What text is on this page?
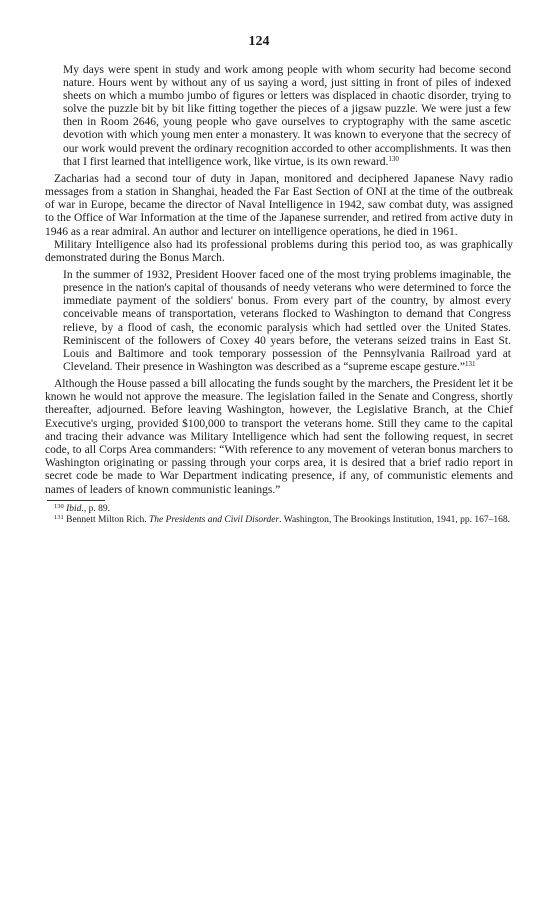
124

My days were spent in study and work among people with whom security had become second nature. Hours went by without any of us saying a word, just sitting in front of piles of indexed sheets on which a mumbo jumbo of figures or letters was displaced in chaotic disorder, trying to solve the puzzle bit by bit like fitting together the pieces of a jigsaw puzzle. We were just a few then in Room 2646, young people who gave ourselves to cryptography with the same ascetic devotion with which young men enter a monastery. It was known to everyone that the secrecy of our work would prevent the ordinary recognition accorded to other accomplishments. It was then that I first learned that intelligence work, like virtue, is its own reward.$^{130}$

Zacharias had a second tour of duty in Japan, monitored and deciphered Japanese Navy radio messages from a station in Shanghai, headed the Far East Section of ONI at the time of the outbreak of war in Europe, became the director of Naval Intelligence in 1942, saw combat duty, was assigned to the Office of War Information at the time of the Japanese surrender, and retired from active duty in 1946 as a rear admiral. An author and lecturer on intelligence operations, he died in 1961.

Military Intelligence also had its professional problems during this period too, as was graphically demonstrated during the Bonus March.

In the summer of 1932, President Hoover faced one of the most trying problems imaginable, the presence in the nation's capital of thousands of needy veterans who were determined to force the immediate payment of the soldiers' bonus. From every part of the country, by almost every conceivable means of transportation, veterans flocked to Washington to demand that Congress relieve, by a flood of cash, the economic paralysis which had settled over the United States. Reminiscent of the followers of Coxey 40 years before, the veterans seized trains in East St. Louis and Baltimore and took temporary possession of the Pennsylvania Railroad yard at Cleveland. Their presence in Washington was described as a “supreme escape gesture.”$^{131}$

Although the House passed a bill allocating the funds sought by the marchers, the President let it be known he would not approve the measure. The legislation failed in the Senate and Congress, shortly thereafter, adjourned. Before leaving Washington, however, the Legislative Branch, at the Chief Executive's urging, provided $100,000 to transport the veterans home. Still they came to the capital and tracing their advance was Military Intelligence which had sent the following request, in secret code, to all Corps Area commanders: “With reference to any movement of veteran bonus marchers to Washington originating or passing through your corps area, it is desired that a brief radio report in secret code be made to War Department indicating presence, if any, of communistic elements and names of leaders of known communistic leanings.”

$^{130}$ Ibid., p. 89.

$^{131}$ Bennett Milton Rich. The Presidents and Civil Disorder. Washington, The Brookings Institution, 1941, pp. 167–168.
